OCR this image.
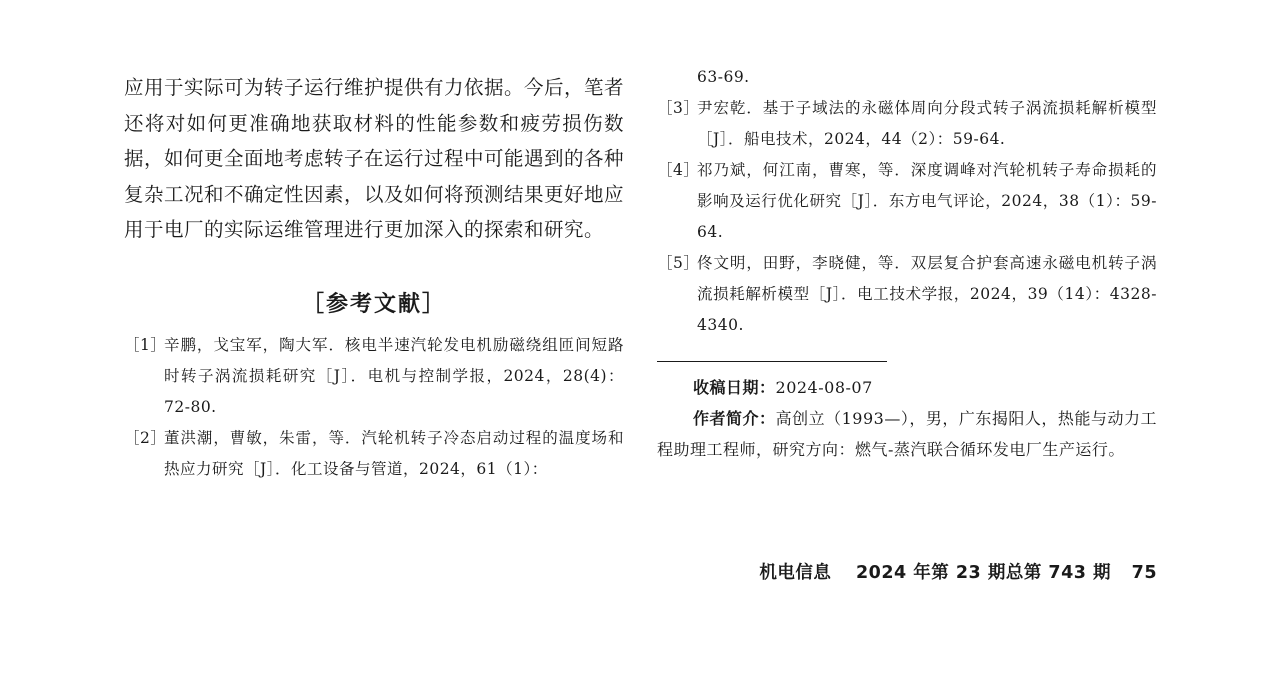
应用于实际可为转子运行维护提供有力依据。今后，笔者还将对如何更准确地获取材料的性能参数和疲劳损伤数据，如何更全面地考虑转子在运行过程中可能遇到的各种复杂工况和不确定性因素，以及如何将预测结果更好地应用于电厂的实际运维管理进行更加深入的探索和研究。

［参考文献］
［1］
辛鹏，戈宝军，陶大军．核电半速汽轮发电机励磁绕组匝间短路时转子涡流损耗研究［J］．电机与控制学报，2024，28(4)：72-80.
［2］
董洪潮，曹敏，朱雷，等．汽轮机转子冷态启动过程的温度场和热应力研究［J］．化工设备与管道，2024，61（1）：

63-69.

［3］
尹宏乾．基于子域法的永磁体周向分段式转子涡流损耗解析模型［J］．船电技术，2024，44（2）：59-64.
［4］
祁乃斌，何江南，曹寒，等．深度调峰对汽轮机转子寿命损耗的影响及运行优化研究［J］．东方电气评论，2024，38（1）：59-64.
［5］
佟文明，田野，李晓健，等．双层复合护套高速永磁电机转子涡流损耗解析模型［J］．电工技术学报，2024，39（14）：4328-4340.

收稿日期：2024-08-07

作者简介：高创立（1993—），男，广东揭阳人，热能与动力工程助理工程师，研究方向：燃气-蒸汽联合循环发电厂生产运行。

机电信息 2024 年第 23 期总第 743 期 75
